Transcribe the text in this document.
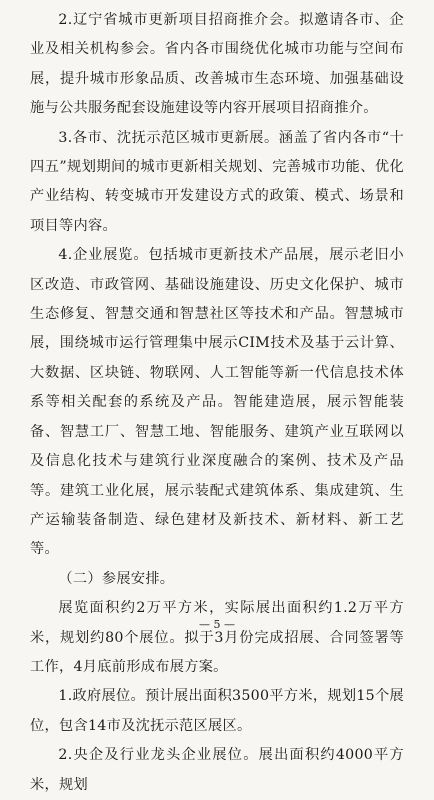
2.辽宁省城市更新项目招商推介会。拟邀请各市、企业及相关机构参会。省内各市围绕优化城市功能与空间布展，提升城市形象品质、改善城市生态环境、加强基础设施与公共服务配套设施建设等内容开展项目招商推介。

3.各市、沈抚示范区城市更新展。涵盖了省内各市“十四五”规划期间的城市更新相关规划、完善城市功能、优化产业结构、转变城市开发建设方式的政策、模式、场景和项目等内容。

4.企业展览。包括城市更新技术产品展，展示老旧小区改造、市政管网、基础设施建设、历史文化保护、城市生态修复、智慧交通和智慧社区等技术和产品。智慧城市展，围绕城市运行管理集中展示CIM技术及基于云计算、大数据、区块链、物联网、人工智能等新一代信息技术体系等相关配套的系统及产品。智能建造展，展示智能装备、智慧工厂、智慧工地、智能服务、建筑产业互联网以及信息化技术与建筑行业深度融合的案例、技术及产品等。建筑工业化展，展示装配式建筑体系、集成建筑、生产运输装备制造、绿色建材及新技术、新材料、新工艺等。

（二）参展安排。

展览面积约2万平方米，实际展出面积约1.2万平方米，规划约80个展位。拟于3月份完成招展、合同签署等工作，4月底前形成布展方案。

1.政府展位。预计展出面积3500平方米，规划15个展位，包含14市及沈抚示范区展区。

2.央企及行业龙头企业展位。展出面积约4000平方米，规划

— 5 —
